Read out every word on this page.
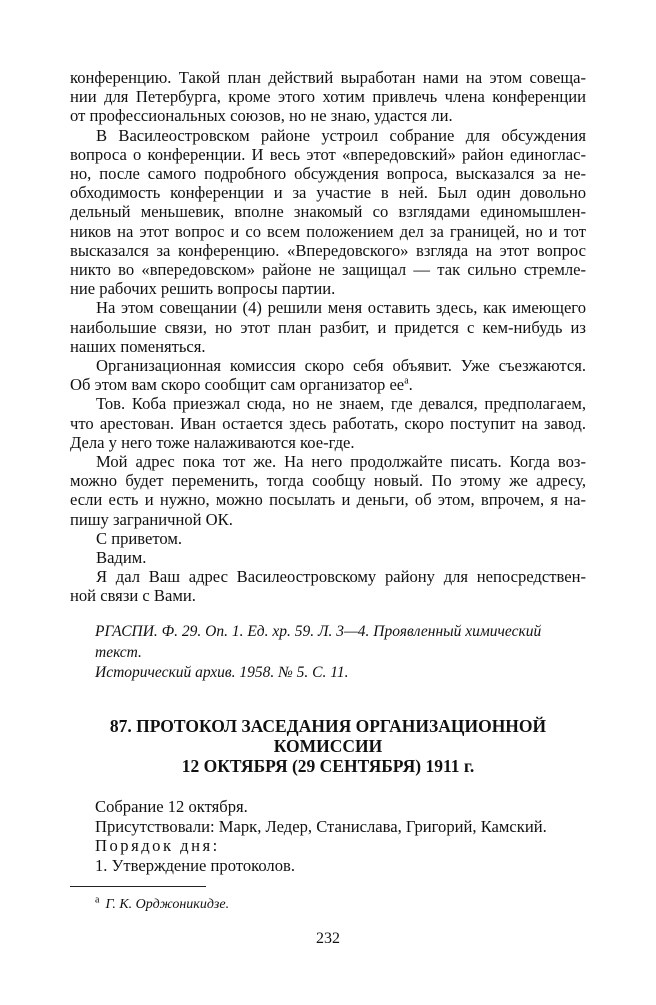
конференцию. Такой план действий выработан нами на этом совеща-
нии для Петербурга, кроме этого хотим привлечь члена конференции
от профессиональных союзов, но не знаю, удастся ли.
В Василеостровском районе устроил собрание для обсуждения
вопроса о конференции. И весь этот «впередовский» район единоглас-
но, после самого подробного обсуждения вопроса, высказался за не-
обходимость конференции и за участие в ней. Был один довольно
дельный меньшевик, вполне знакомый со взглядами единомышлен-
ников на этот вопрос и со всем положением дел за границей, но и тот
высказался за конференцию. «Впередовского» взгляда на этот вопрос
никто во «впередовском» районе не защищал — так сильно стремле-
ние рабочих решить вопросы партии.
На этом совещании (4) решили меня оставить здесь, как имеющего
наибольшие связи, но этот план разбит, и придется с кем-нибудь из
наших поменяться.
Организационная комиссия скоро себя объявит. Уже съезжаются.
Об этом вам скоро сообщит сам организатор $ее^а$.
Тов. Коба приезжал сюда, но не знаем, где девался, предполагаем,
что арестован. Иван остается здесь работать, скоро поступит на завод.
Дела у него тоже налаживаются кое-где.
Мой адрес пока тот же. На него продолжайте писать. Когда воз-
можно будет переменить, тогда сообщу новый. По этому же адресу,
если есть и нужно, можно посылать и деньги, об этом, впрочем, я на-
пишу заграничной ОК.
С приветом.
Вадим.
Я дал Ваш адрес Василеостровскому району для непосредствен-
ной связи с Вами.
РГАСПИ. Ф. 29. Оп. 1. Ед. хр. 59. Л. 3—4. Проявленный химический текст.
Исторический архив. 1958. № 5. С. 11.
87. ПРОТОКОЛ ЗАСЕДАНИЯ ОРГАНИЗАЦИОННОЙ
КОМИССИИ
12 ОКТЯБРЯ (29 СЕНТЯБРЯ) 1911 г.
Собрание 12 октября.
Присутствовали: Марк, Ледер, Станислава, Григорий, Камский.
Порядок дня:
1. Утверждение протоколов.
$^а$ Г. К. Орджоникидзе.
232
